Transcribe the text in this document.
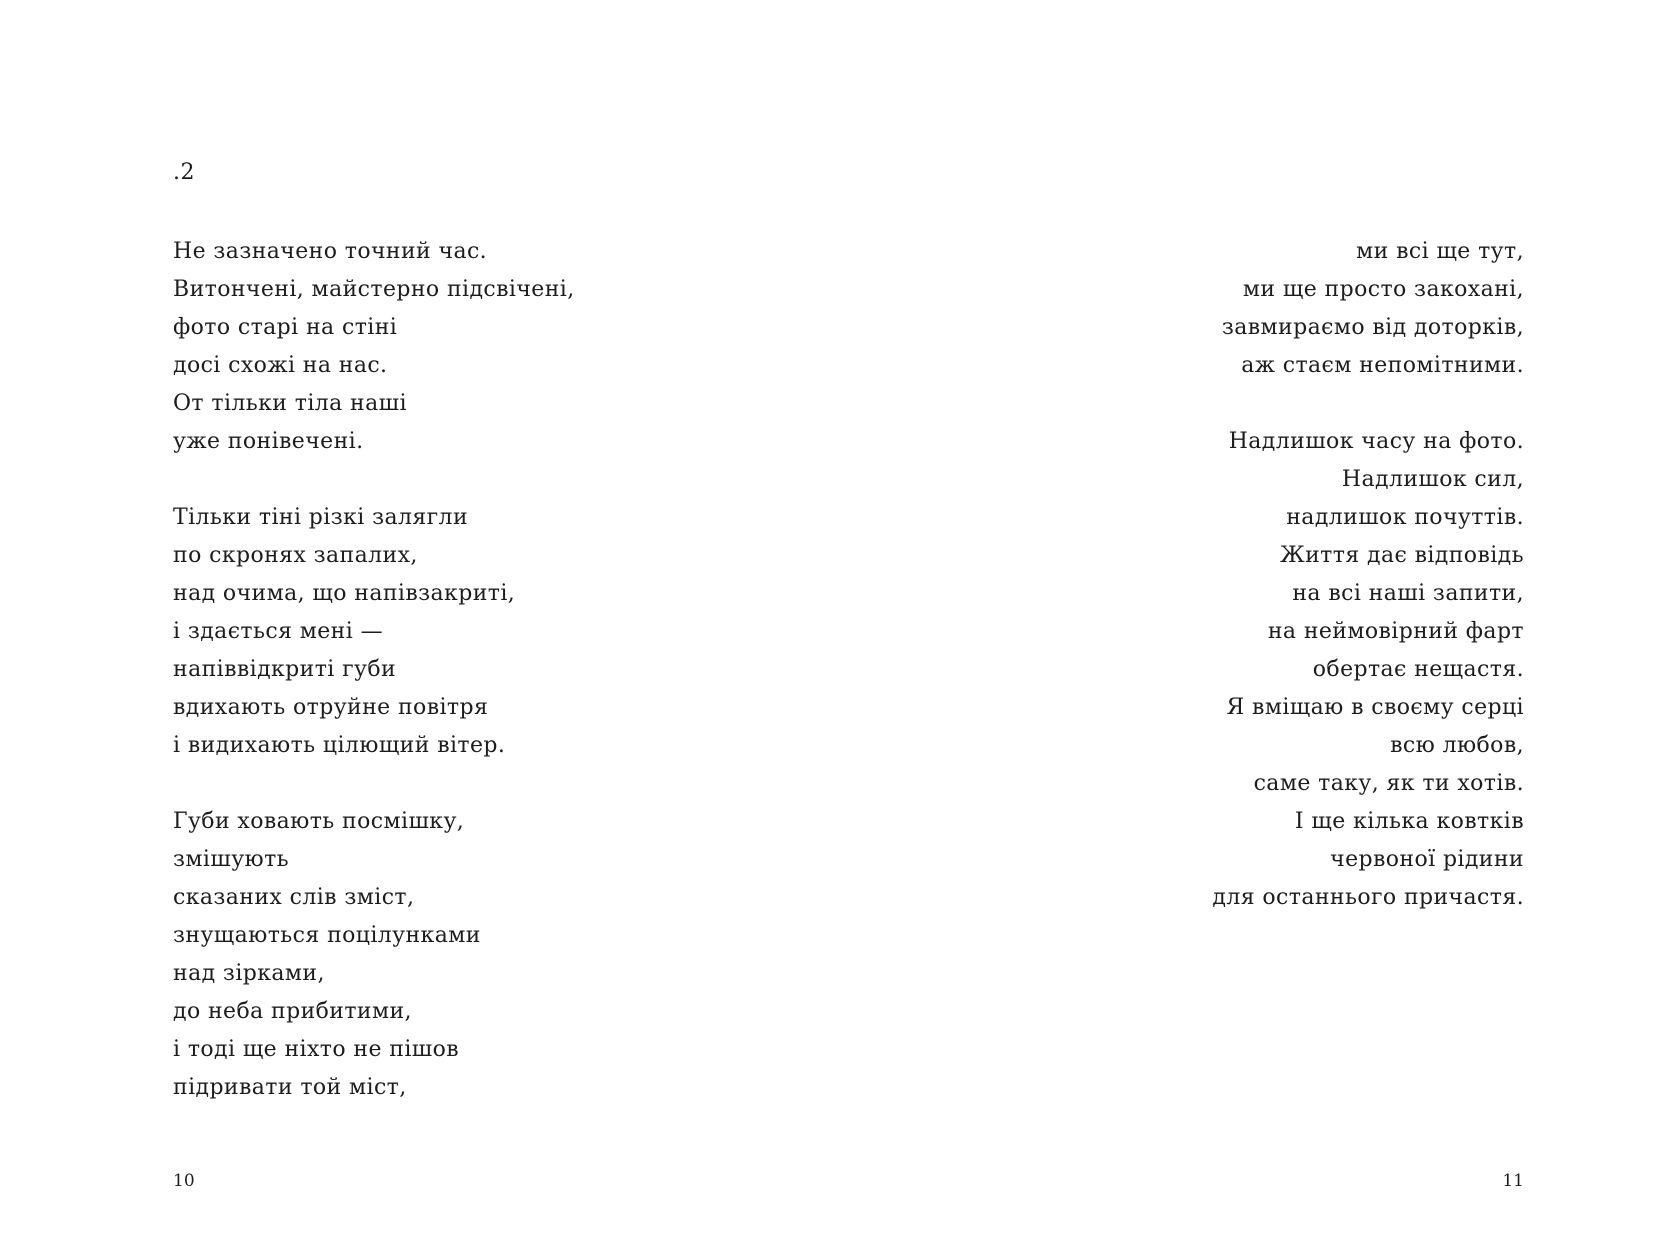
.2
Не зазначено точний час.
Витончені, майстерно підсвічені,
фото старі на стіні
досі схожі на нас.
От тільки тіла наші
уже понівечені.
Тільки тіні різкі залягли
по скронях запалих,
над очима, що напівзакриті,
і здається мені —
напіввідкриті губи
вдихають отруйне повітря
і видихають цілющий вітер.
Губи ховають посмішку,
змішують
сказаних слів зміст,
знущаються поцілунками
над зірками,
до неба прибитими,
і тоді ще ніхто не пішов
підривати той міст,
10
ми всі ще тут,
ми ще просто закохані,
завмираємо від доторків,
аж стаєм непомітними.
Надлишок часу на фото.
Надлишок сил,
надлишок почуттів.
Життя дає відповідь
на всі наші запити,
на неймовірний фарт
обертає нещастя.
Я вміщаю в своєму серці
всю любов,
саме таку, як ти хотів.
І ще кілька ковтків
червоної рідини
для останнього причастя.
11
